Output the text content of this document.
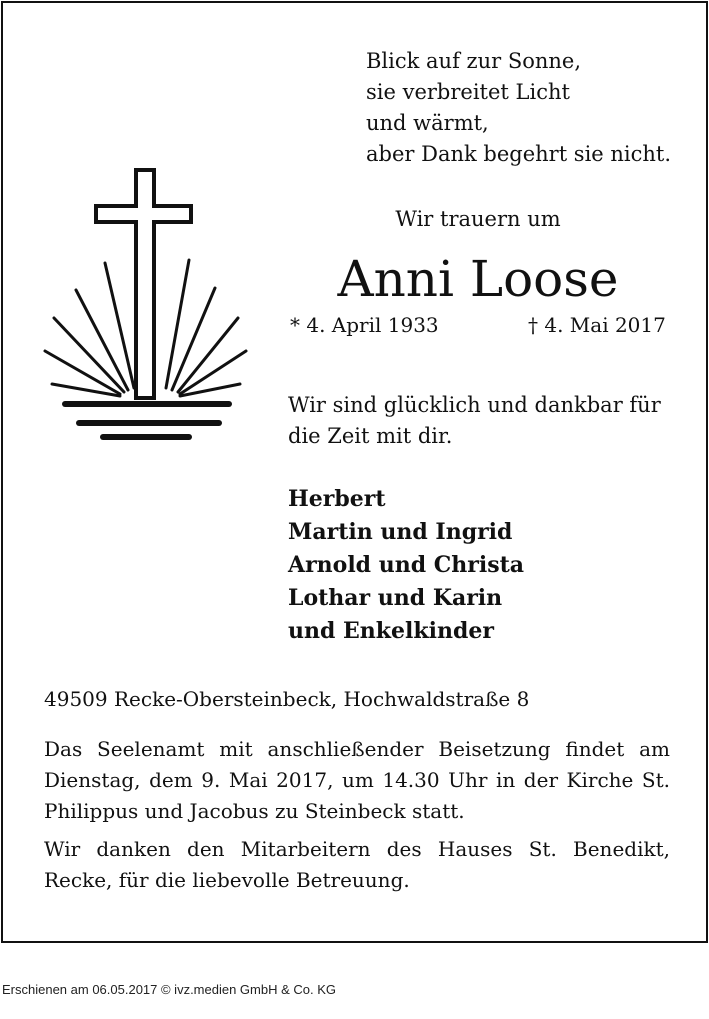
Blick auf zur Sonne,
sie verbreitet Licht
und wärmt,
aber Dank begehrt sie nicht.
Wir trauern um
Anni Loose
* 4. April 1933	† 4. Mai 2017
Wir sind glücklich und dankbar für
die Zeit mit dir.
Herbert
Martin und Ingrid
Arnold und Christa
Lothar und Karin
und Enkelkinder
49509 Recke-Obersteinbeck, Hochwaldstraße 8
Das Seelenamt mit anschließender Beisetzung findet am Dienstag, dem 9. Mai 2017, um 14.30 Uhr in der Kirche St. Philippus und Jacobus zu Steinbeck statt.
Wir danken den Mitarbeitern des Hauses St. Benedikt, Recke, für die liebevolle Betreuung.
Erschienen am 06.05.2017 © ivz.medien GmbH & Co. KG
